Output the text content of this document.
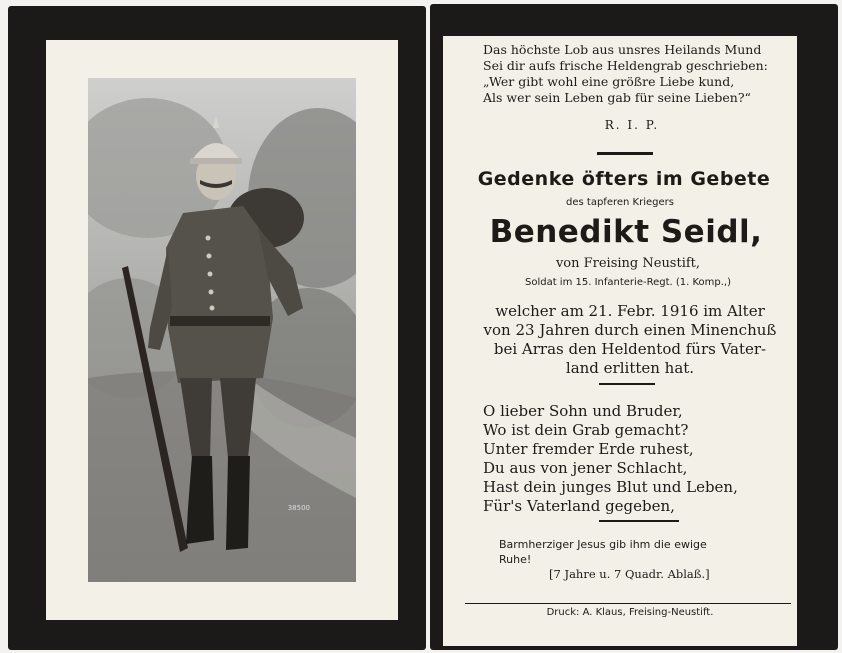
38500
Das höchste Lob aus unsres Heilands Mund
Sei dir aufs frische Heldengrab geschrieben:
„Wer gibt wohl eine größre Liebe kund,
Als wer sein Leben gab für seine Lieben?“
R. I. P.
Gedenke öfters im Gebete
des tapferen Kriegers
Benedikt Seidl,
von Freising Neustift,
Soldat im 15. Infanterie-Regt. (1. Komp.,)
welcher am 21. Febr. 1916 im Alter
von 23 Jahren durch einen Minenchuß
bei Arras den Heldentod fürs Vater-
land erlitten hat.
O lieber Sohn und Bruder,
Wo ist dein Grab gemacht?
Unter fremder Erde ruhest,
Du aus von jener Schlacht,
Hast dein junges Blut und Leben,
Für's Vaterland gegeben,
Barmherziger Jesus gib ihm die ewige
Ruhe!
[7 Jahre u. 7 Quadr. Ablaß.]
Druck: A. Klaus, Freising-Neustift.
